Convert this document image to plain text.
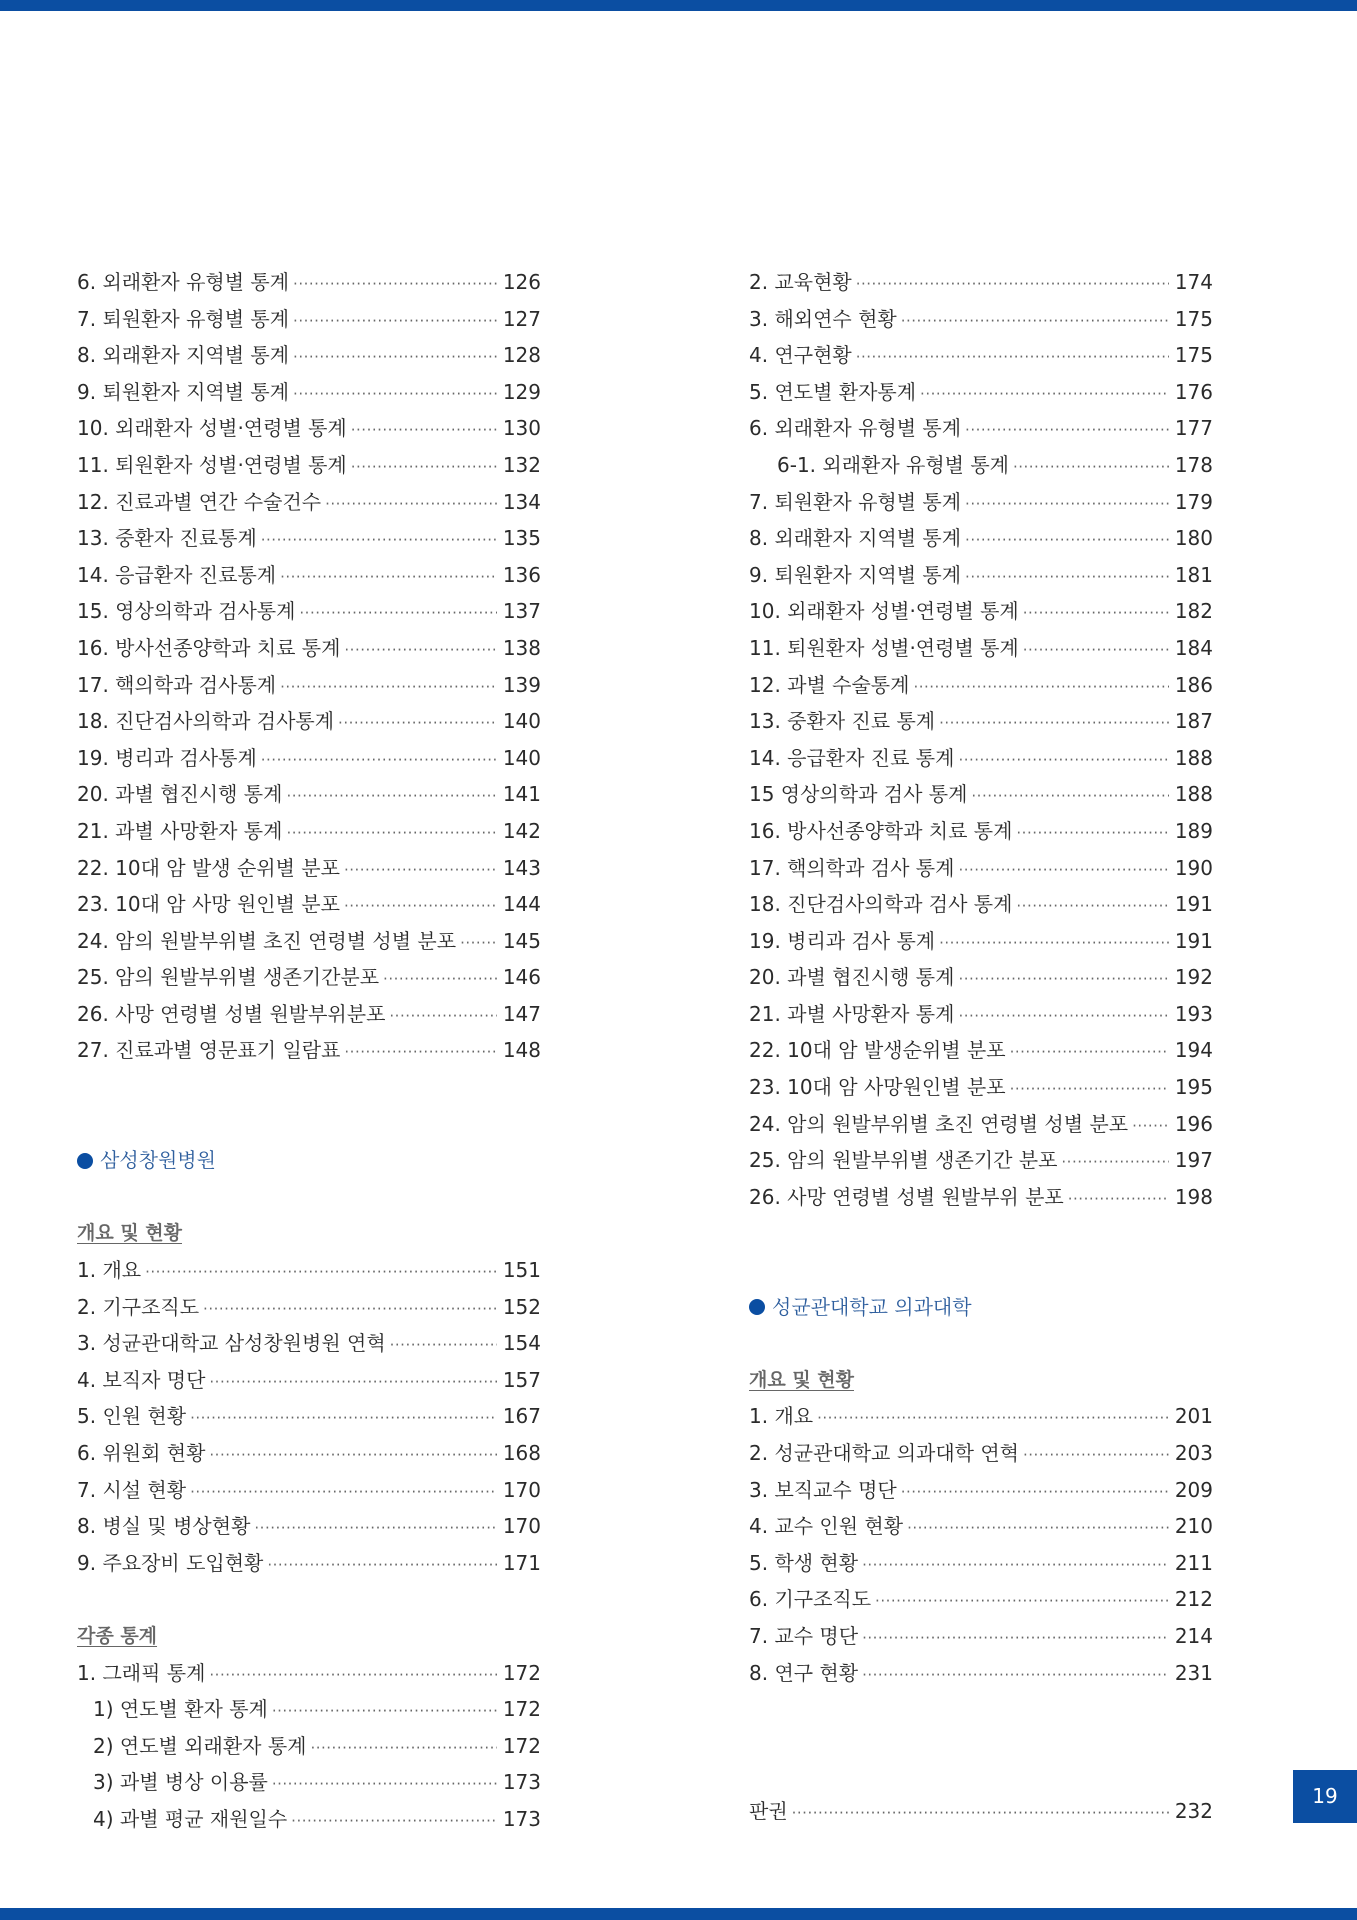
6. 외래환자 유형별 통계 ·····	126
7. 퇴원환자 유형별 통계 ·····	127
8. 외래환자 지역별 통계 ·····	128
9. 퇴원환자 지역별 통계 ·····	129
10. 외래환자 성별·연령별 통계 ·····	130
11. 퇴원환자 성별·연령별 통계 ·····	132
12. 진료과별 연간 수술건수 ·····	134
13. 중환자 진료통계 ·····	135
14. 응급환자 진료통계 ·····	136
15. 영상의학과 검사통계 ·····	137
16. 방사선종양학과 치료 통계 ·····	138
17. 핵의학과 검사통계 ·····	139
18. 진단검사의학과 검사통계 ·····	140
19. 병리과 검사통계 ·····	140
20. 과별 협진시행 통계 ·····	141
21. 과별 사망환자 통계 ·····	142
22. 10대 암 발생 순위별 분포 ·····	143
23. 10대 암 사망 원인별 분포 ·····	144
24. 암의 원발부위별 초진 연령별 성별 분포 ·····	145
25. 암의 원발부위별 생존기간분포 ·····	146
26. 사망 연령별 성별 원발부위분포 ·····	147
27. 진료과별 영문표기 일람표 ·····	148
삼성창원병원
개요 및 현황
1. 개요 ·····	151
2. 기구조직도 ·····	152
3. 성균관대학교 삼성창원병원 연혁 ·····	154
4. 보직자 명단 ·····	157
5. 인원 현황 ·····	167
6. 위원회 현황 ·····	168
7. 시설 현황 ·····	170
8. 병실 및 병상현황 ·····	170
9. 주요장비 도입현황 ·····	171
각종 통계
1. 그래픽 통계 ·····	172
1) 연도별 환자 통계 ·····	172
2) 연도별 외래환자 통계 ·····	172
3) 과별 병상 이용률 ·····	173
4) 과별 평균 재원일수 ·····	173
2. 교육현황 ·····	174
3. 해외연수 현황 ·····	175
4. 연구현황 ·····	175
5. 연도별 환자통계 ·····	176
6. 외래환자 유형별 통계 ·····	177
6-1. 외래환자 유형별 통계 ·····	178
7. 퇴원환자 유형별 통계 ·····	179
8. 외래환자 지역별 통계 ·····	180
9. 퇴원환자 지역별 통계 ·····	181
10. 외래환자 성별·연령별 통계 ·····	182
11. 퇴원환자 성별·연령별 통계 ·····	184
12. 과별 수술통계 ·····	186
13. 중환자 진료 통계 ·····	187
14. 응급환자 진료 통계 ·····	188
15 영상의학과 검사 통계 ·····	188
16. 방사선종양학과 치료 통계 ·····	189
17. 핵의학과 검사 통계 ·····	190
18. 진단검사의학과 검사 통계 ·····	191
19. 병리과 검사 통계 ·····	191
20. 과별 협진시행 통계 ·····	192
21. 과별 사망환자 통계 ·····	193
22. 10대 암 발생순위별 분포 ·····	194
23. 10대 암 사망원인별 분포 ·····	195
24. 암의 원발부위별 초진 연령별 성별 분포 ·····	196
25. 암의 원발부위별 생존기간 분포 ·····	197
26. 사망 연령별 성별 원발부위 분포 ·····	198
성균관대학교 의과대학
개요 및 현황
1. 개요 ·····	201
2. 성균관대학교 의과대학 연혁 ·····	203
3. 보직교수 명단 ·····	209
4. 교수 인원 현황 ·····	210
5. 학생 현황 ·····	211
6. 기구조직도 ·····	212
7. 교수 명단 ·····	214
8. 연구 현황 ·····	231
판권 ·····	232
19
